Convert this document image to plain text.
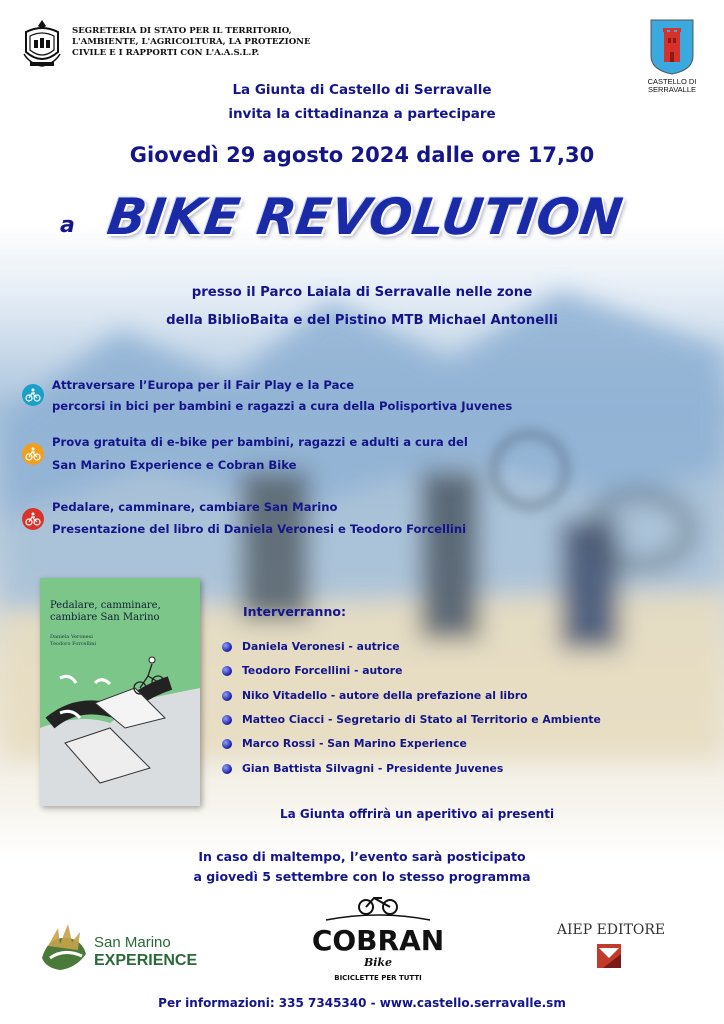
SEGRETERIA DI STATO PER IL TERRITORIO,
L'AMBIENTE, L'AGRICOLTURA, LA PROTEZIONE
CIVILE E I RAPPORTI CON L'A.A.S.L.P.
CASTELLO DI
SERRAVALLE
La Giunta di Castello di Serravalle
invita la cittadinanza a partecipare
Giovedì 29 agosto 2024 dalle ore 17,30
a BIKE REVOLUTION
presso il Parco Laiala di Serravalle nelle zone
della BiblioBaita e del Pistino MTB Michael Antonelli
Attraversare l’Europa per il Fair Play e la Pace
percorsi in bici per bambini e ragazzi a cura della Polisportiva Juvenes
Prova gratuita di e-bike per bambini, ragazzi e adulti a cura del
San Marino Experience e Cobran Bike
Pedalare, camminare, cambiare San Marino
Presentazione del libro di Daniela Veronesi e Teodoro Forcellini
Pedalare, camminare,
cambiare San Marino
Daniela Veronesi
Teodoro Forcellini
Interverranno:
Daniela Veronesi - autrice
Teodoro Forcellini - autore
Niko Vitadello - autore della prefazione al libro
Matteo Ciacci - Segretario di Stato al Territorio e Ambiente
Marco Rossi - San Marino Experience
Gian Battista Silvagni - Presidente Juvenes
La Giunta offrirà un aperitivo ai presenti
In caso di maltempo, l’evento sarà posticipato
a giovedì 5 settembre con lo stesso programma
San Marino
EXPERIENCE
COBRAN
Bike
BICICLETTE PER TUTTI
AIEP EDITORE
Per informazioni: 335 7345340 - www.castello.serravalle.sm
